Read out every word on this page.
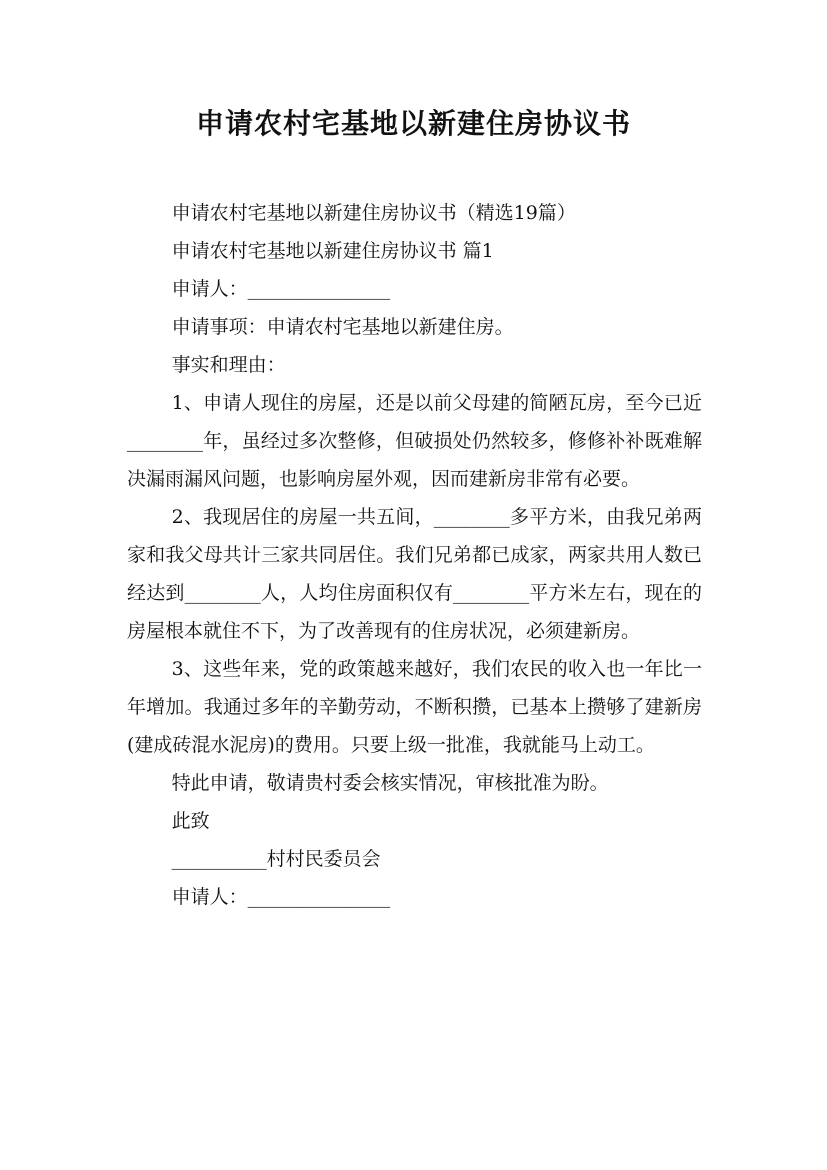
申请农村宅基地以新建住房协议书

申请农村宅基地以新建住房协议书（精选19篇）

申请农村宅基地以新建住房协议书 篇1

申请人：_______________

申请事项：申请农村宅基地以新建住房。

事实和理由：

1、申请人现住的房屋，还是以前父母建的简陋瓦房，至今已近________年，虽经过多次整修，但破损处仍然较多，修修补补既难解决漏雨漏风问题，也影响房屋外观，因而建新房非常有必要。

2、我现居住的房屋一共五间，________多平方米，由我兄弟两家和我父母共计三家共同居住。我们兄弟都已成家，两家共用人数已经达到________人，人均住房面积仅有________平方米左右，现在的房屋根本就住不下，为了改善现有的住房状况，必须建新房。

3、这些年来，党的政策越来越好，我们农民的收入也一年比一年增加。我通过多年的辛勤劳动，不断积攒，已基本上攒够了建新房(建成砖混水泥房)的费用。只要上级一批准，我就能马上动工。

特此申请，敬请贵村委会核实情况，审核批准为盼。

此致

__________村村民委员会

申请人：_______________
